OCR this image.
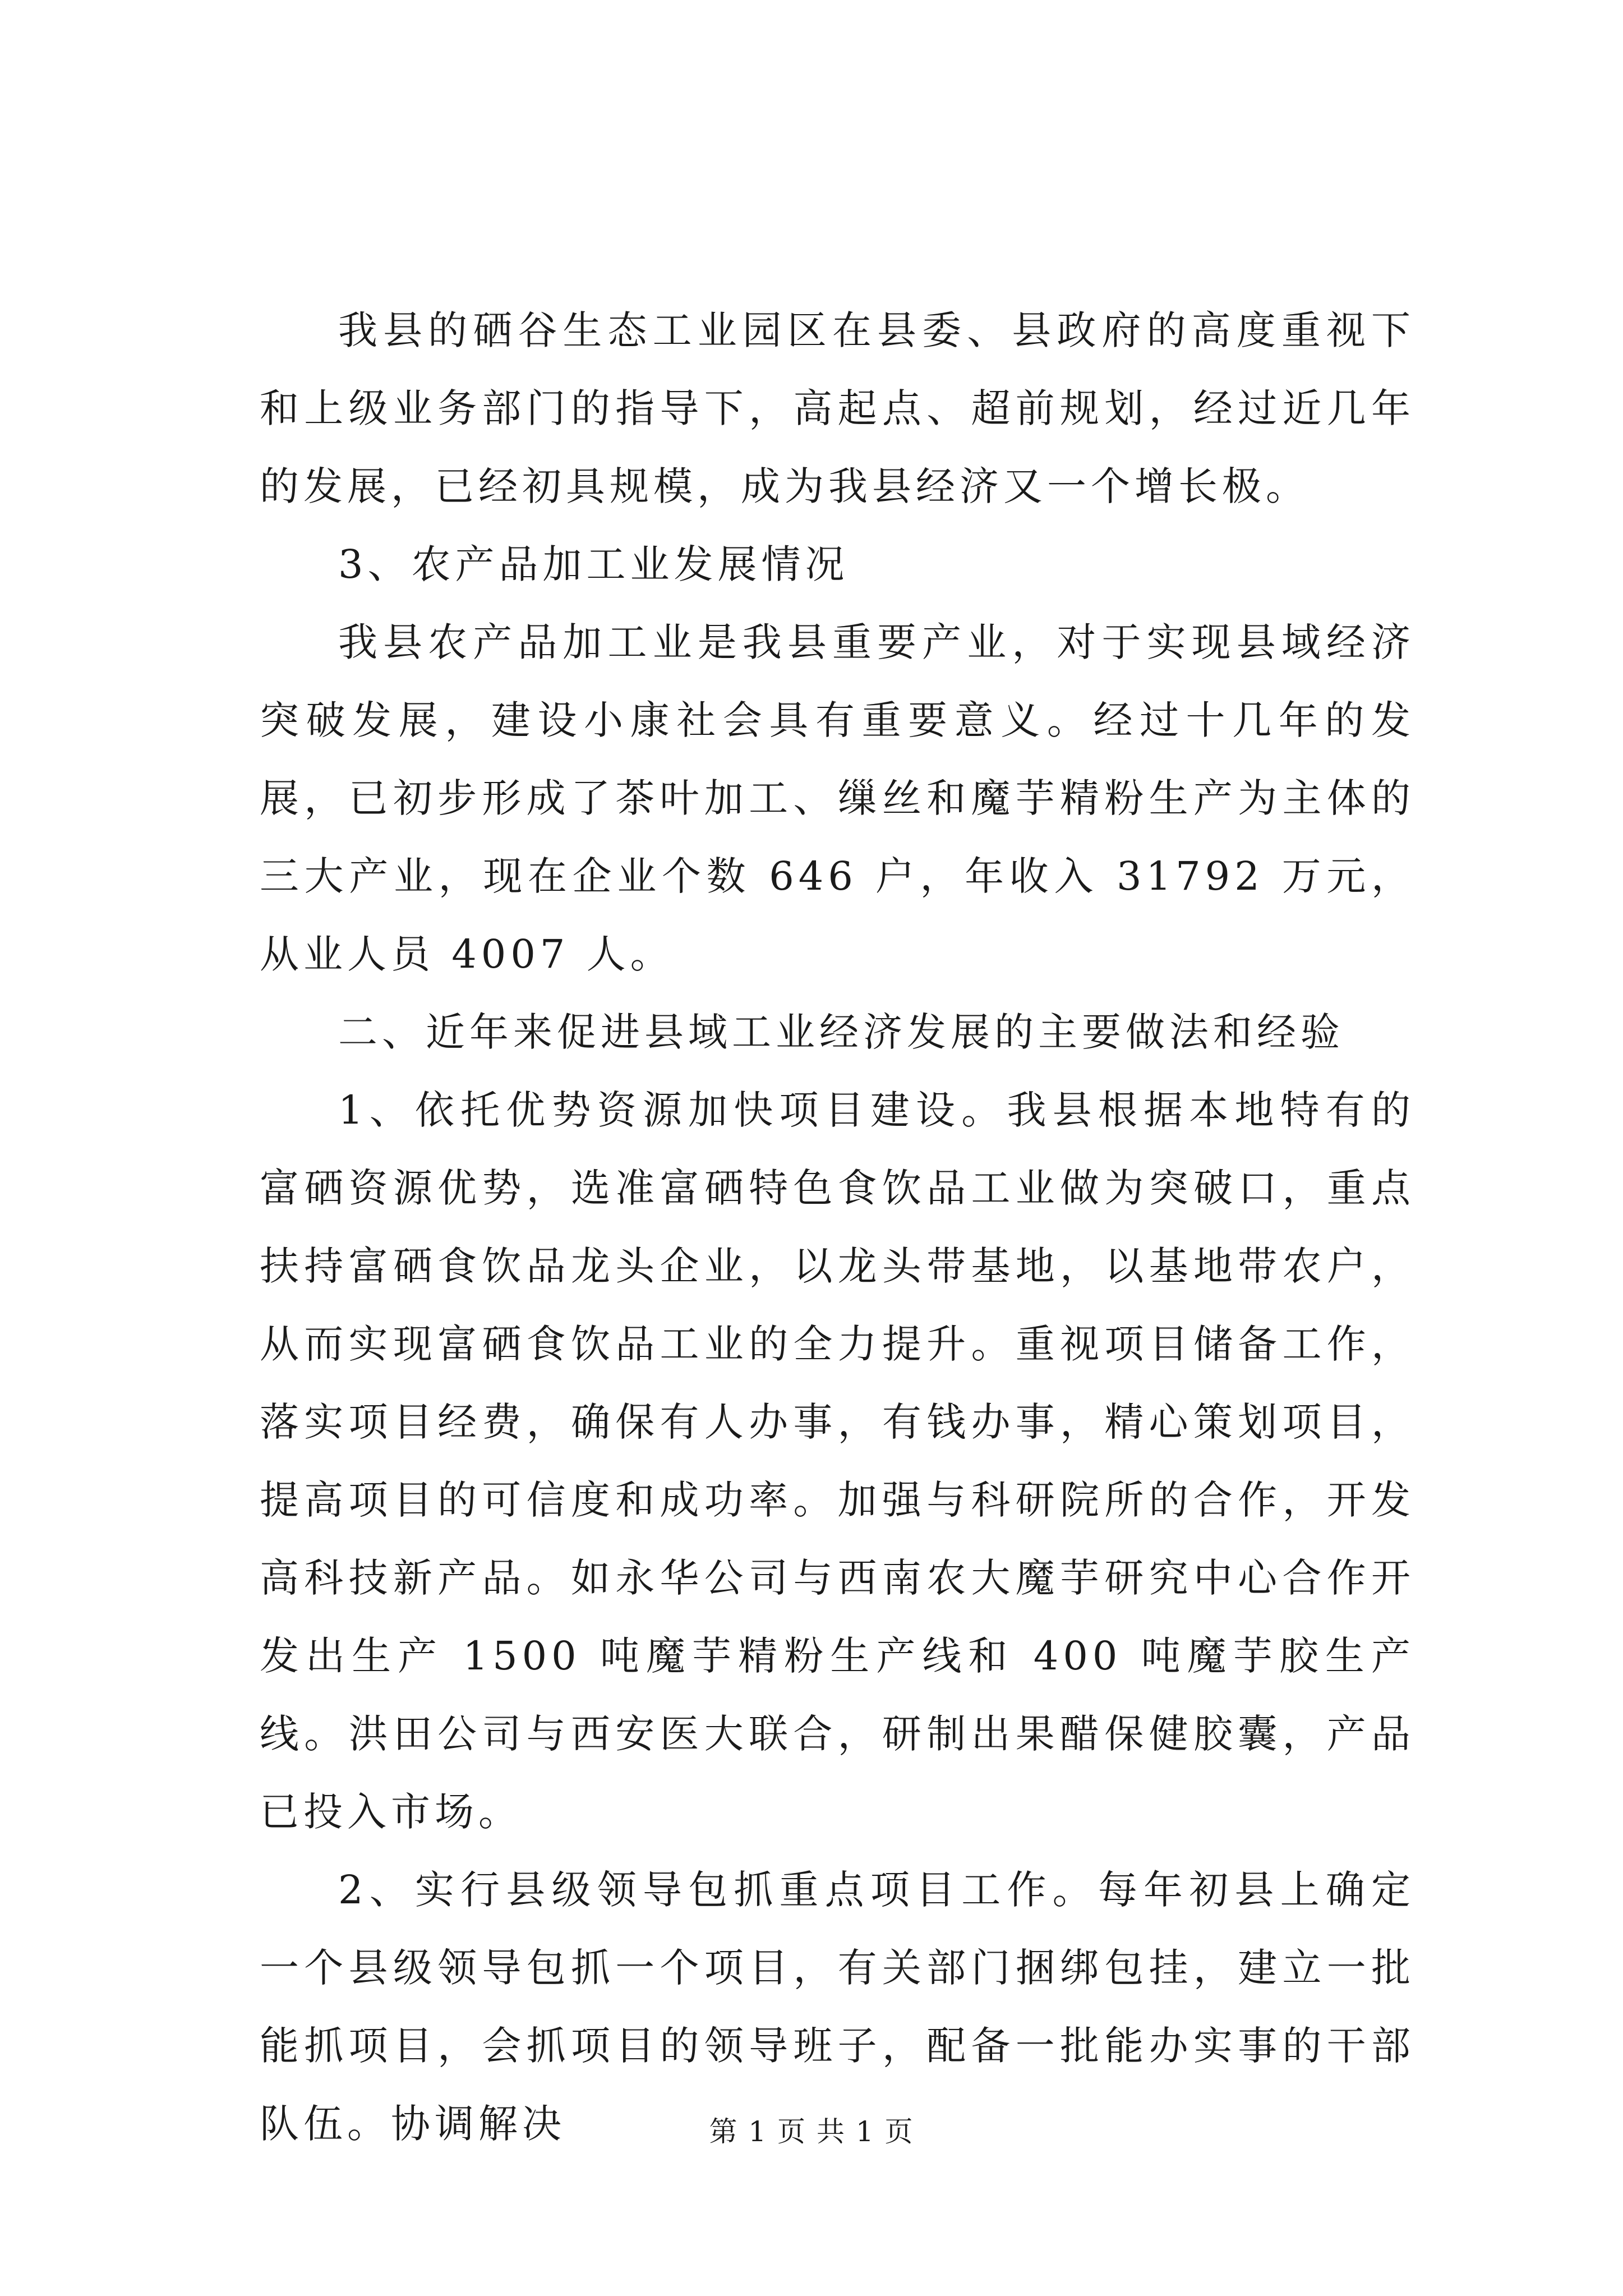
我县的硒谷生态工业园区在县委、县政府的高度重视下和上级业务部门的指导下，高起点、超前规划，经过近几年的发展，已经初具规模，成为我县经济又一个增长极。

3、农产品加工业发展情况

我县农产品加工业是我县重要产业，对于实现县域经济突破发展，建设小康社会具有重要意义。经过十几年的发展，已初步形成了茶叶加工、缫丝和魔芋精粉生产为主体的三大产业，现在企业个数 646 户，年收入 31792 万元，从业人员 4007 人。

二、近年来促进县域工业经济发展的主要做法和经验

1、依托优势资源加快项目建设。我县根据本地特有的富硒资源优势，选准富硒特色食饮品工业做为突破口，重点扶持富硒食饮品龙头企业，以龙头带基地，以基地带农户，从而实现富硒食饮品工业的全力提升。重视项目储备工作，落实项目经费，确保有人办事，有钱办事，精心策划项目，提高项目的可信度和成功率。加强与科研院所的合作，开发高科技新产品。如永华公司与西南农大魔芋研究中心合作开发出生产 1500 吨魔芋精粉生产线和 400 吨魔芋胶生产线。洪田公司与西安医大联合，研制出果醋保健胶囊，产品已投入市场。

2、实行县级领导包抓重点项目工作。每年初县上确定一个县级领导包抓一个项目，有关部门捆绑包挂，建立一批能抓项目，会抓项目的领导班子，配备一批能办实事的干部队伍。协调解决	第 1 页 共 1 页
